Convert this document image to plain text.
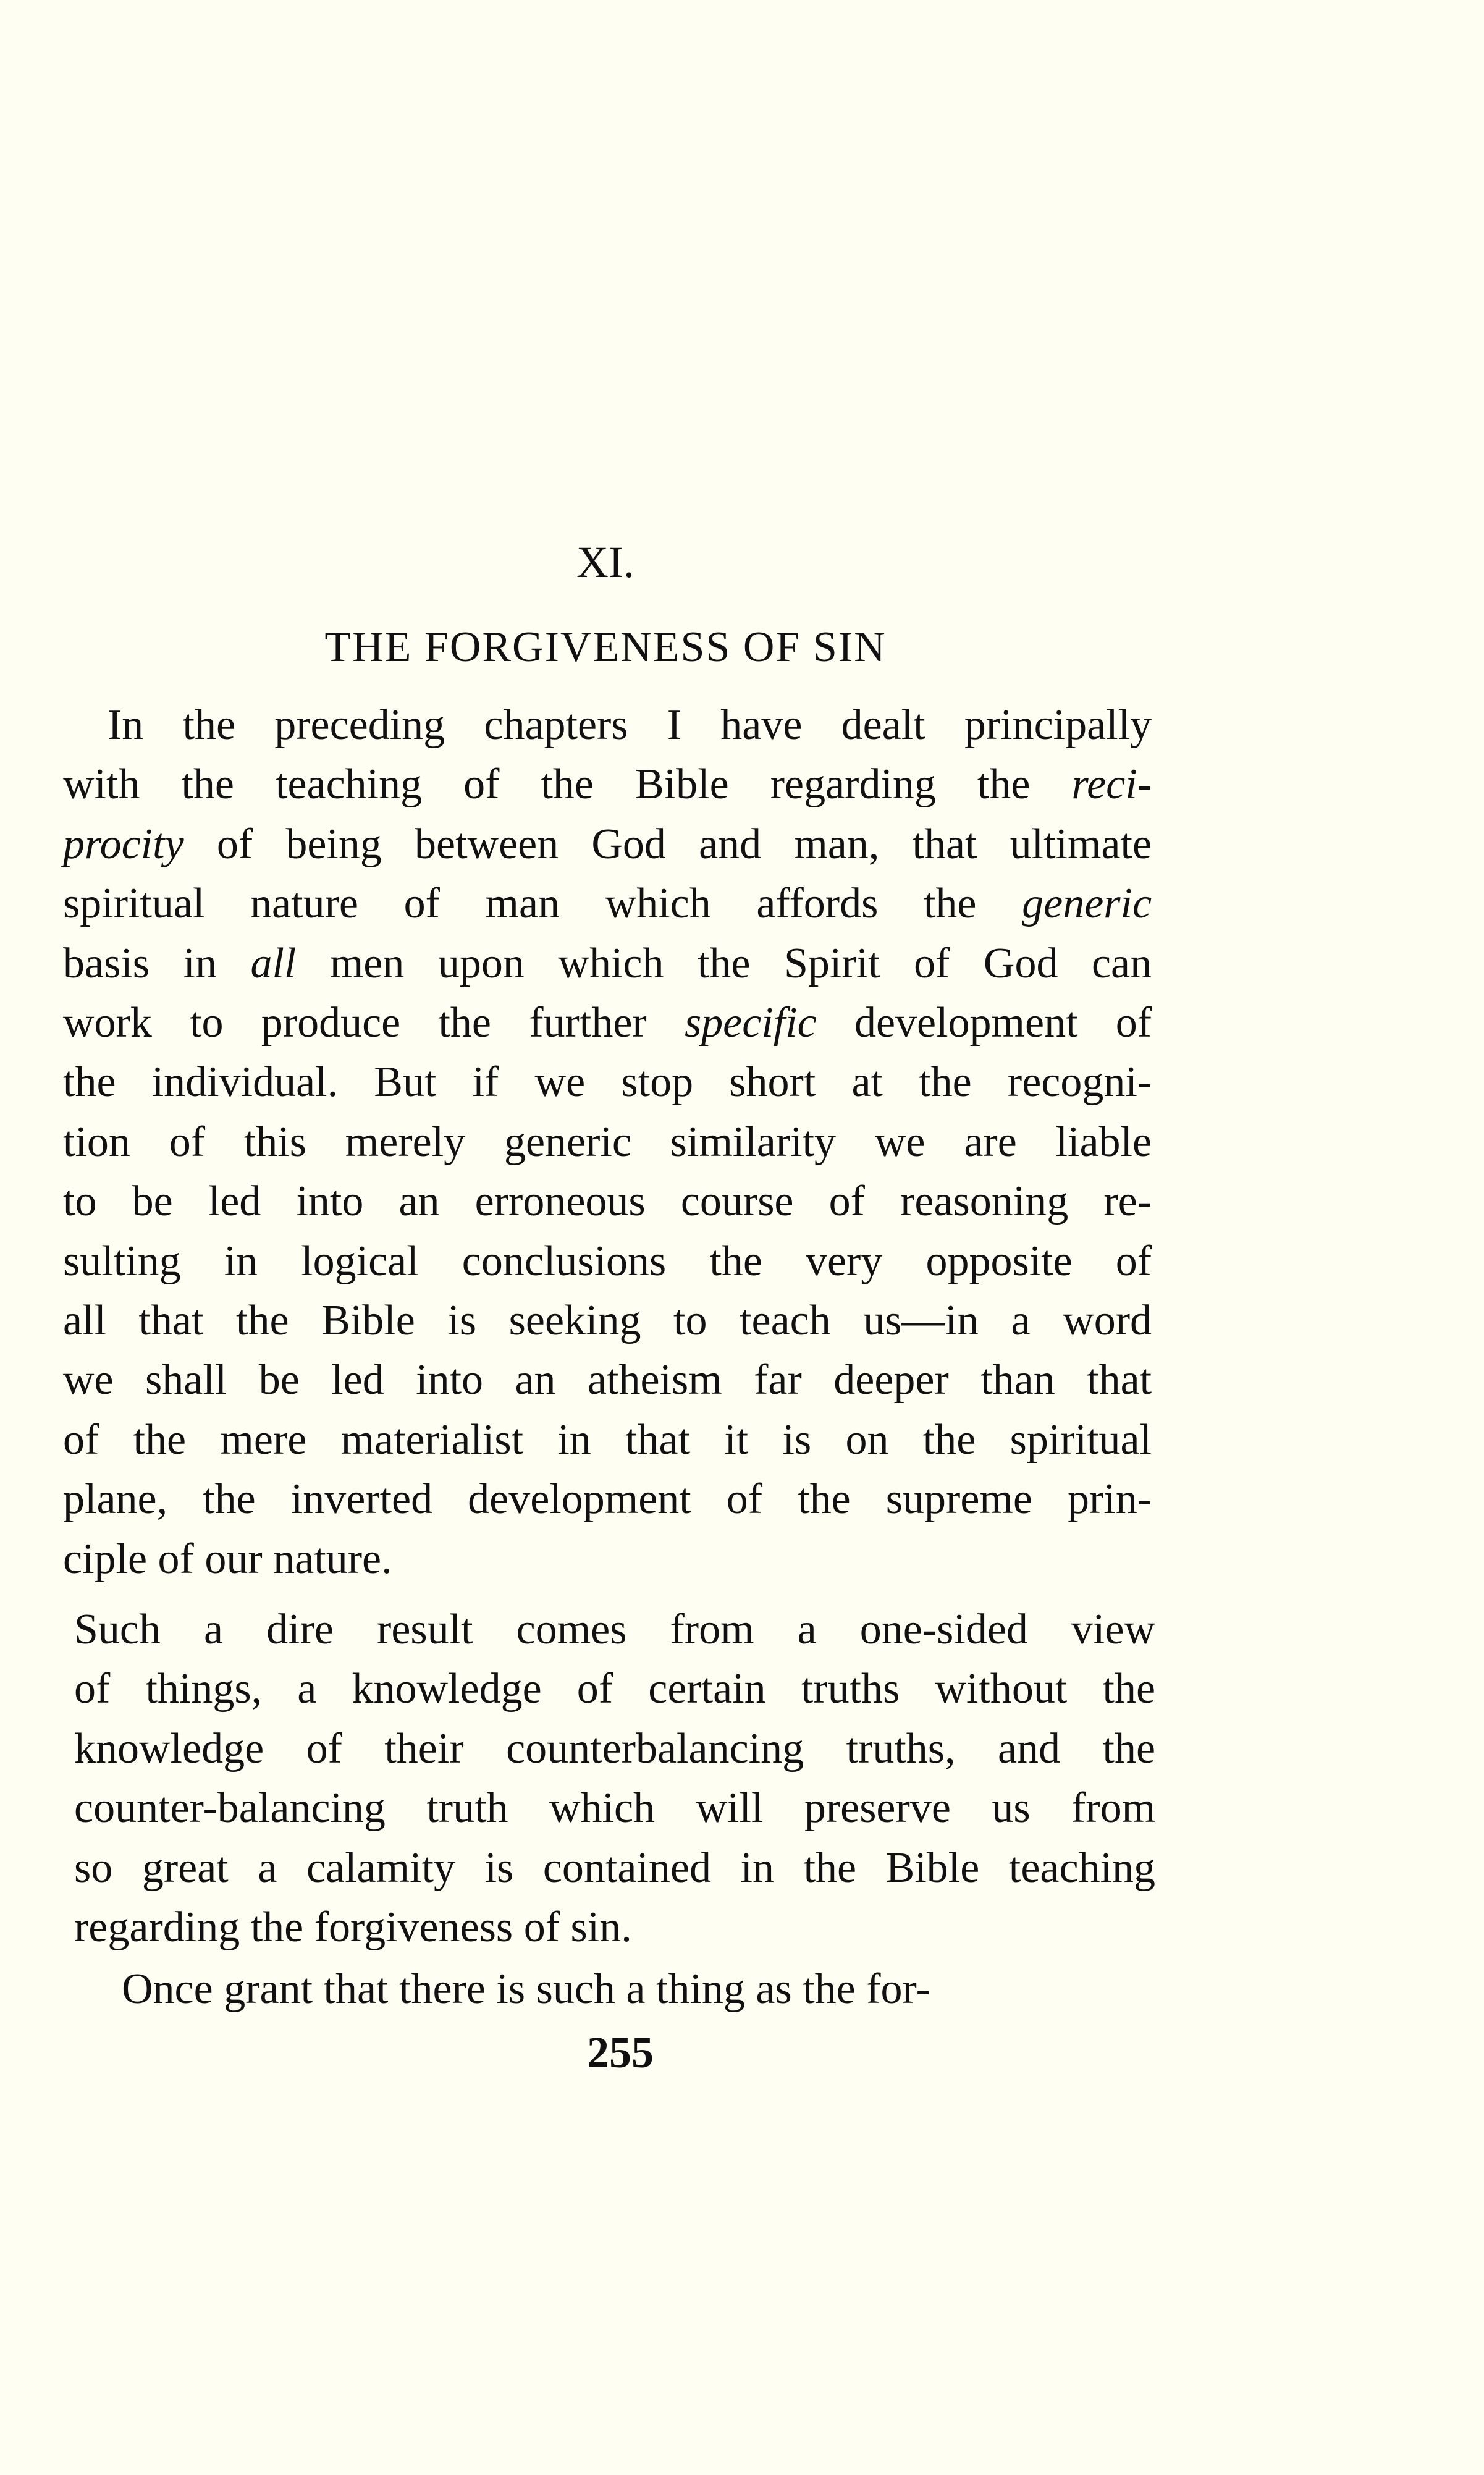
XI.
THE FORGIVENESS OF SIN
In the preceding chapters I have dealt principally
with the teaching of the Bible regarding the reci-
procity of being between God and man, that ultimate
spiritual nature of man which affords the generic
basis in all men upon which the Spirit of God can
work to produce the further specific development of
the individual. But if we stop short at the recogni-
tion of this merely generic similarity we are liable
to be led into an erroneous course of reasoning re-
sulting in logical conclusions the very opposite of
all that the Bible is seeking to teach us—in a word
we shall be led into an atheism far deeper than that
of the mere materialist in that it is on the spiritual
plane, the inverted development of the supreme prin-
ciple of our nature.
Such a dire result comes from a one-sided view
of things, a knowledge of certain truths without the
knowledge of their counterbalancing truths, and the
counter-balancing truth which will preserve us from
so great a calamity is contained in the Bible teaching
regarding the forgiveness of sin.
Once grant that there is such a thing as the for-
255
